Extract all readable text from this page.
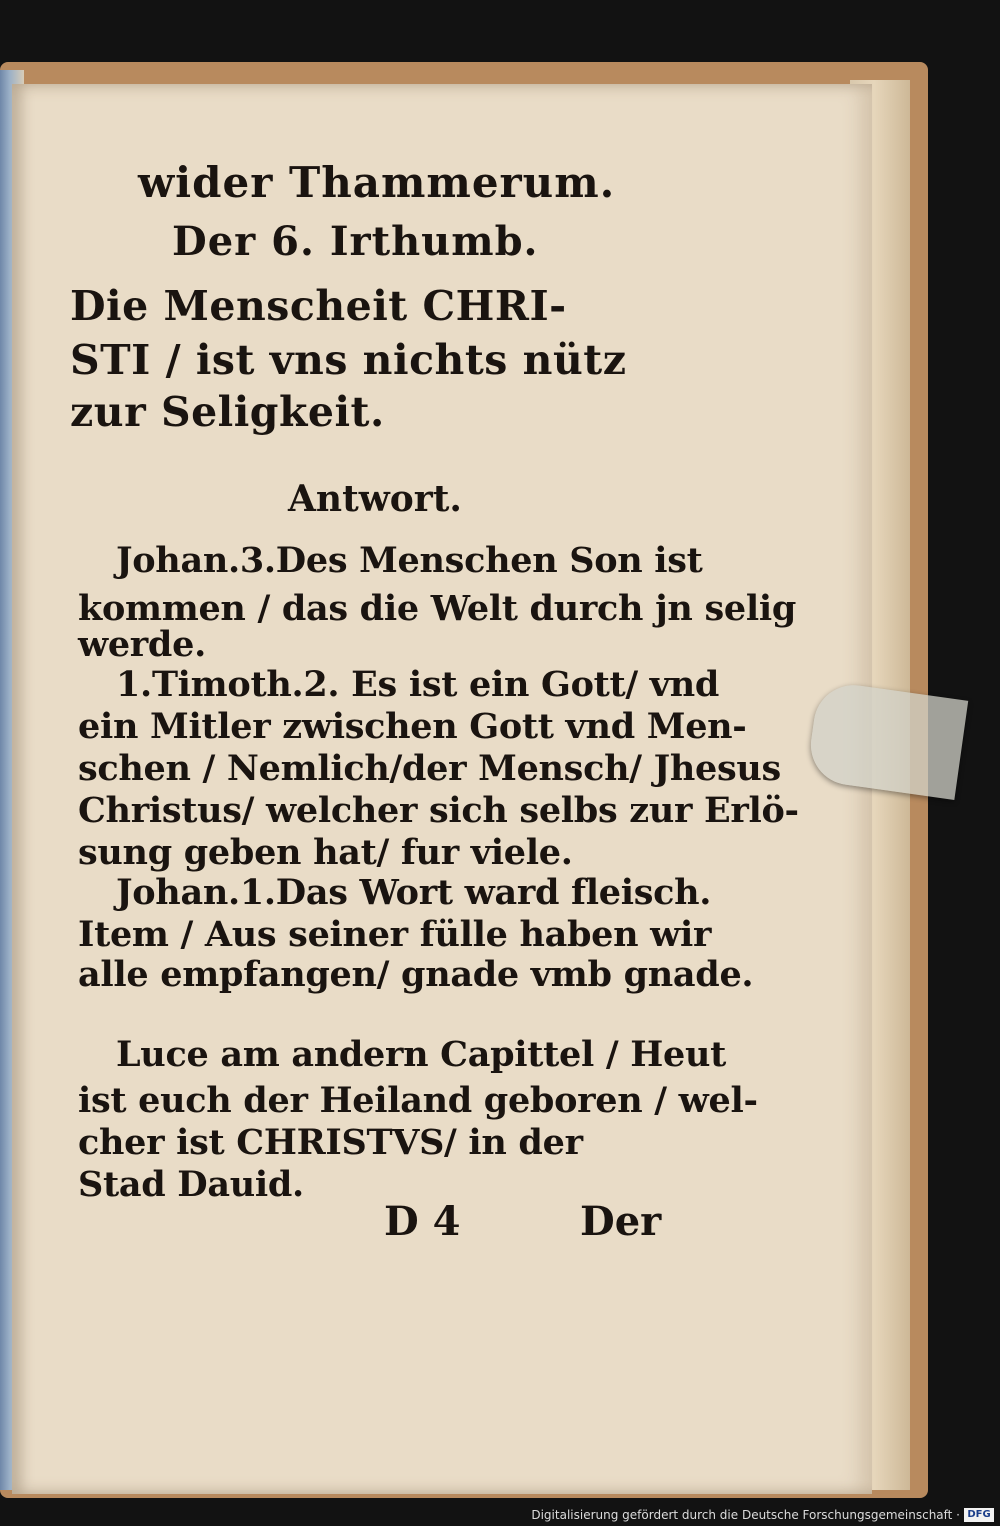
wider Thammerum.
Der 6. Irthumb.
Die Menscheit CHRI-
STI / ist vns nichts nütz
zur Seligkeit.
Antwort.
Johan.3.Des Menschen Son ist
kommen / das die Welt durch jn selig
werde.
1.Timoth.2. Es ist ein Gott/ vnd
ein Mitler zwischen Gott vnd Men-
schen / Nemlich/der Mensch/ Jhesus
Christus/ welcher sich selbs zur Erlö-
sung geben hat/ fur viele.
Johan.1.Das Wort ward fleisch.
Item / Aus seiner fülle haben wir
alle empfangen/ gnade vmb gnade.
Luce am andern Capittel / Heut
ist euch der Heiland geboren / wel-
cher ist CHRISTVS/ in der
Stad Dauid.
D 4	Der
Digitalisierung gefördert durch die Deutsche Forschungsgemeinschaft · DFG
